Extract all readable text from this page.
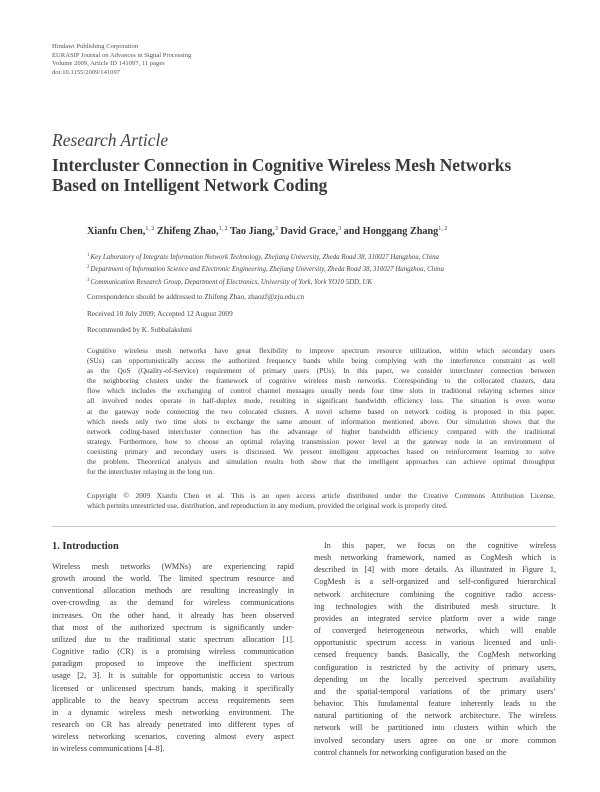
Hindawi Publishing Corporation
EURASIP Journal on Advances in Signal Processing
Volume 2009, Article ID 141097, 11 pages
doi:10.1155/2009/141097
Research Article
Intercluster Connection in Cognitive Wireless Mesh Networks
Based on Intelligent Network Coding
Xianfu Chen,$^{1, 2}$ Zhifeng Zhao,$^{1, 2}$ Tao Jiang,$^3$ David Grace,$^3$ and Honggang Zhang$^{1, 2}$
$^1$Key Laboratory of Integrate Information Network Technology, Zhejiang University, Zheda Road 38, 310027 Hangzhou, China
$^2$Department of Information Science and Electronic Engineering, Zhejiang University, Zheda Road 38, 310027 Hangzhou, China
$^3$Communication Research Group, Department of Electronics, University of York, York YO10 5DD, UK
Correspondence should be addressed to Zhifeng Zhao, zhaozf@zju.edu.cn
Received 10 July 2009; Accepted 12 August 2009
Recommended by K. Subbalakshmi
Cognitive wireless mesh networks have great flexibility to improve spectrum resource utilization, within which secondary users
(SUs) can opportunistically access the authorized frequency bands while being complying with the interference constraint as well
as the QoS (Quality-of-Service) requirement of primary users (PUs). In this paper, we consider intercluster connection between
the neighboring clusters under the framework of cognitive wireless mesh networks. Corresponding to the collocated clusters, data
flow which includes the exchanging of control channel messages usually needs four time slots in traditional relaying schemes since
all involved nodes operate in half-duplex mode, resulting in significant bandwidth efficiency loss. The situation is even worse
at the gateway node connecting the two colocated clusters. A novel scheme based on network coding is proposed in this paper,
which needs only two time slots to exchange the same amount of information mentioned above. Our simulation shows that the
network coding-based intercluster connection has the advantage of higher bandwidth efficiency compared with the traditional
strategy. Furthermore, how to choose an optimal relaying transmission power level at the gateway node in an environment of
coexisting primary and secondary users is discussed. We present intelligent approaches based on reinforcement learning to solve
the problem. Theoretical analysis and simulation results both show that the intelligent approaches can achieve optimal throughput
for the intercluster relaying in the long run.
Copyright © 2009 Xianfu Chen et al. This is an open access article distributed under the Creative Commons Attribution License,
which permits unrestricted use, distribution, and reproduction in any medium, provided the original work is properly cited.
1. Introduction
Wireless mesh networks (WMNs) are experiencing rapid
growth around the world. The limited spectrum resource and
conventional allocation methods are resulting increasingly in
over-crowding as the demand for wireless communications
increases. On the other hand, it already has been observed
that most of the authorized spectrum is significantly under-
utilized due to the traditional static spectrum allocation [1].
Cognitive radio (CR) is a promising wireless communication
paradigm proposed to improve the inefficient spectrum
usage [2, 3]. It is suitable for opportunistic access to various
licensed or unlicensed spectrum bands, making it specifically
applicable to the heavy spectrum access requirements seen
in a dynamic wireless mesh networking environment. The
research on CR has already penetrated into different types of
wireless networking scenarios, covering almost every aspect
in wireless communications [4–8].
In this paper, we focus on the cognitive wireless
mesh networking framework, named as CogMesh which is
described in [4] with more details. As illustrated in Figure 1,
CogMesh is a self-organized and self-configured hierarchical
network architecture combining the cognitive radio access-
ing technologies with the distributed mesh structure. It
provides an integrated service platform over a wide range
of converged heterogeneous networks, which will enable
opportunistic spectrum access in various licensed and unli-
censed frequency bands. Basically, the CogMesh networking
configuration is restricted by the activity of primary users,
depending on the locally perceived spectrum availability
and the spatial-temporal variations of the primary users’
behavior. This fundamental feature inherently leads to the
natural partitioning of the network architecture. The wireless
network will be partitioned into clusters within which the
involved secondary users agree on one or more common
control channels for networking configuration based on the
